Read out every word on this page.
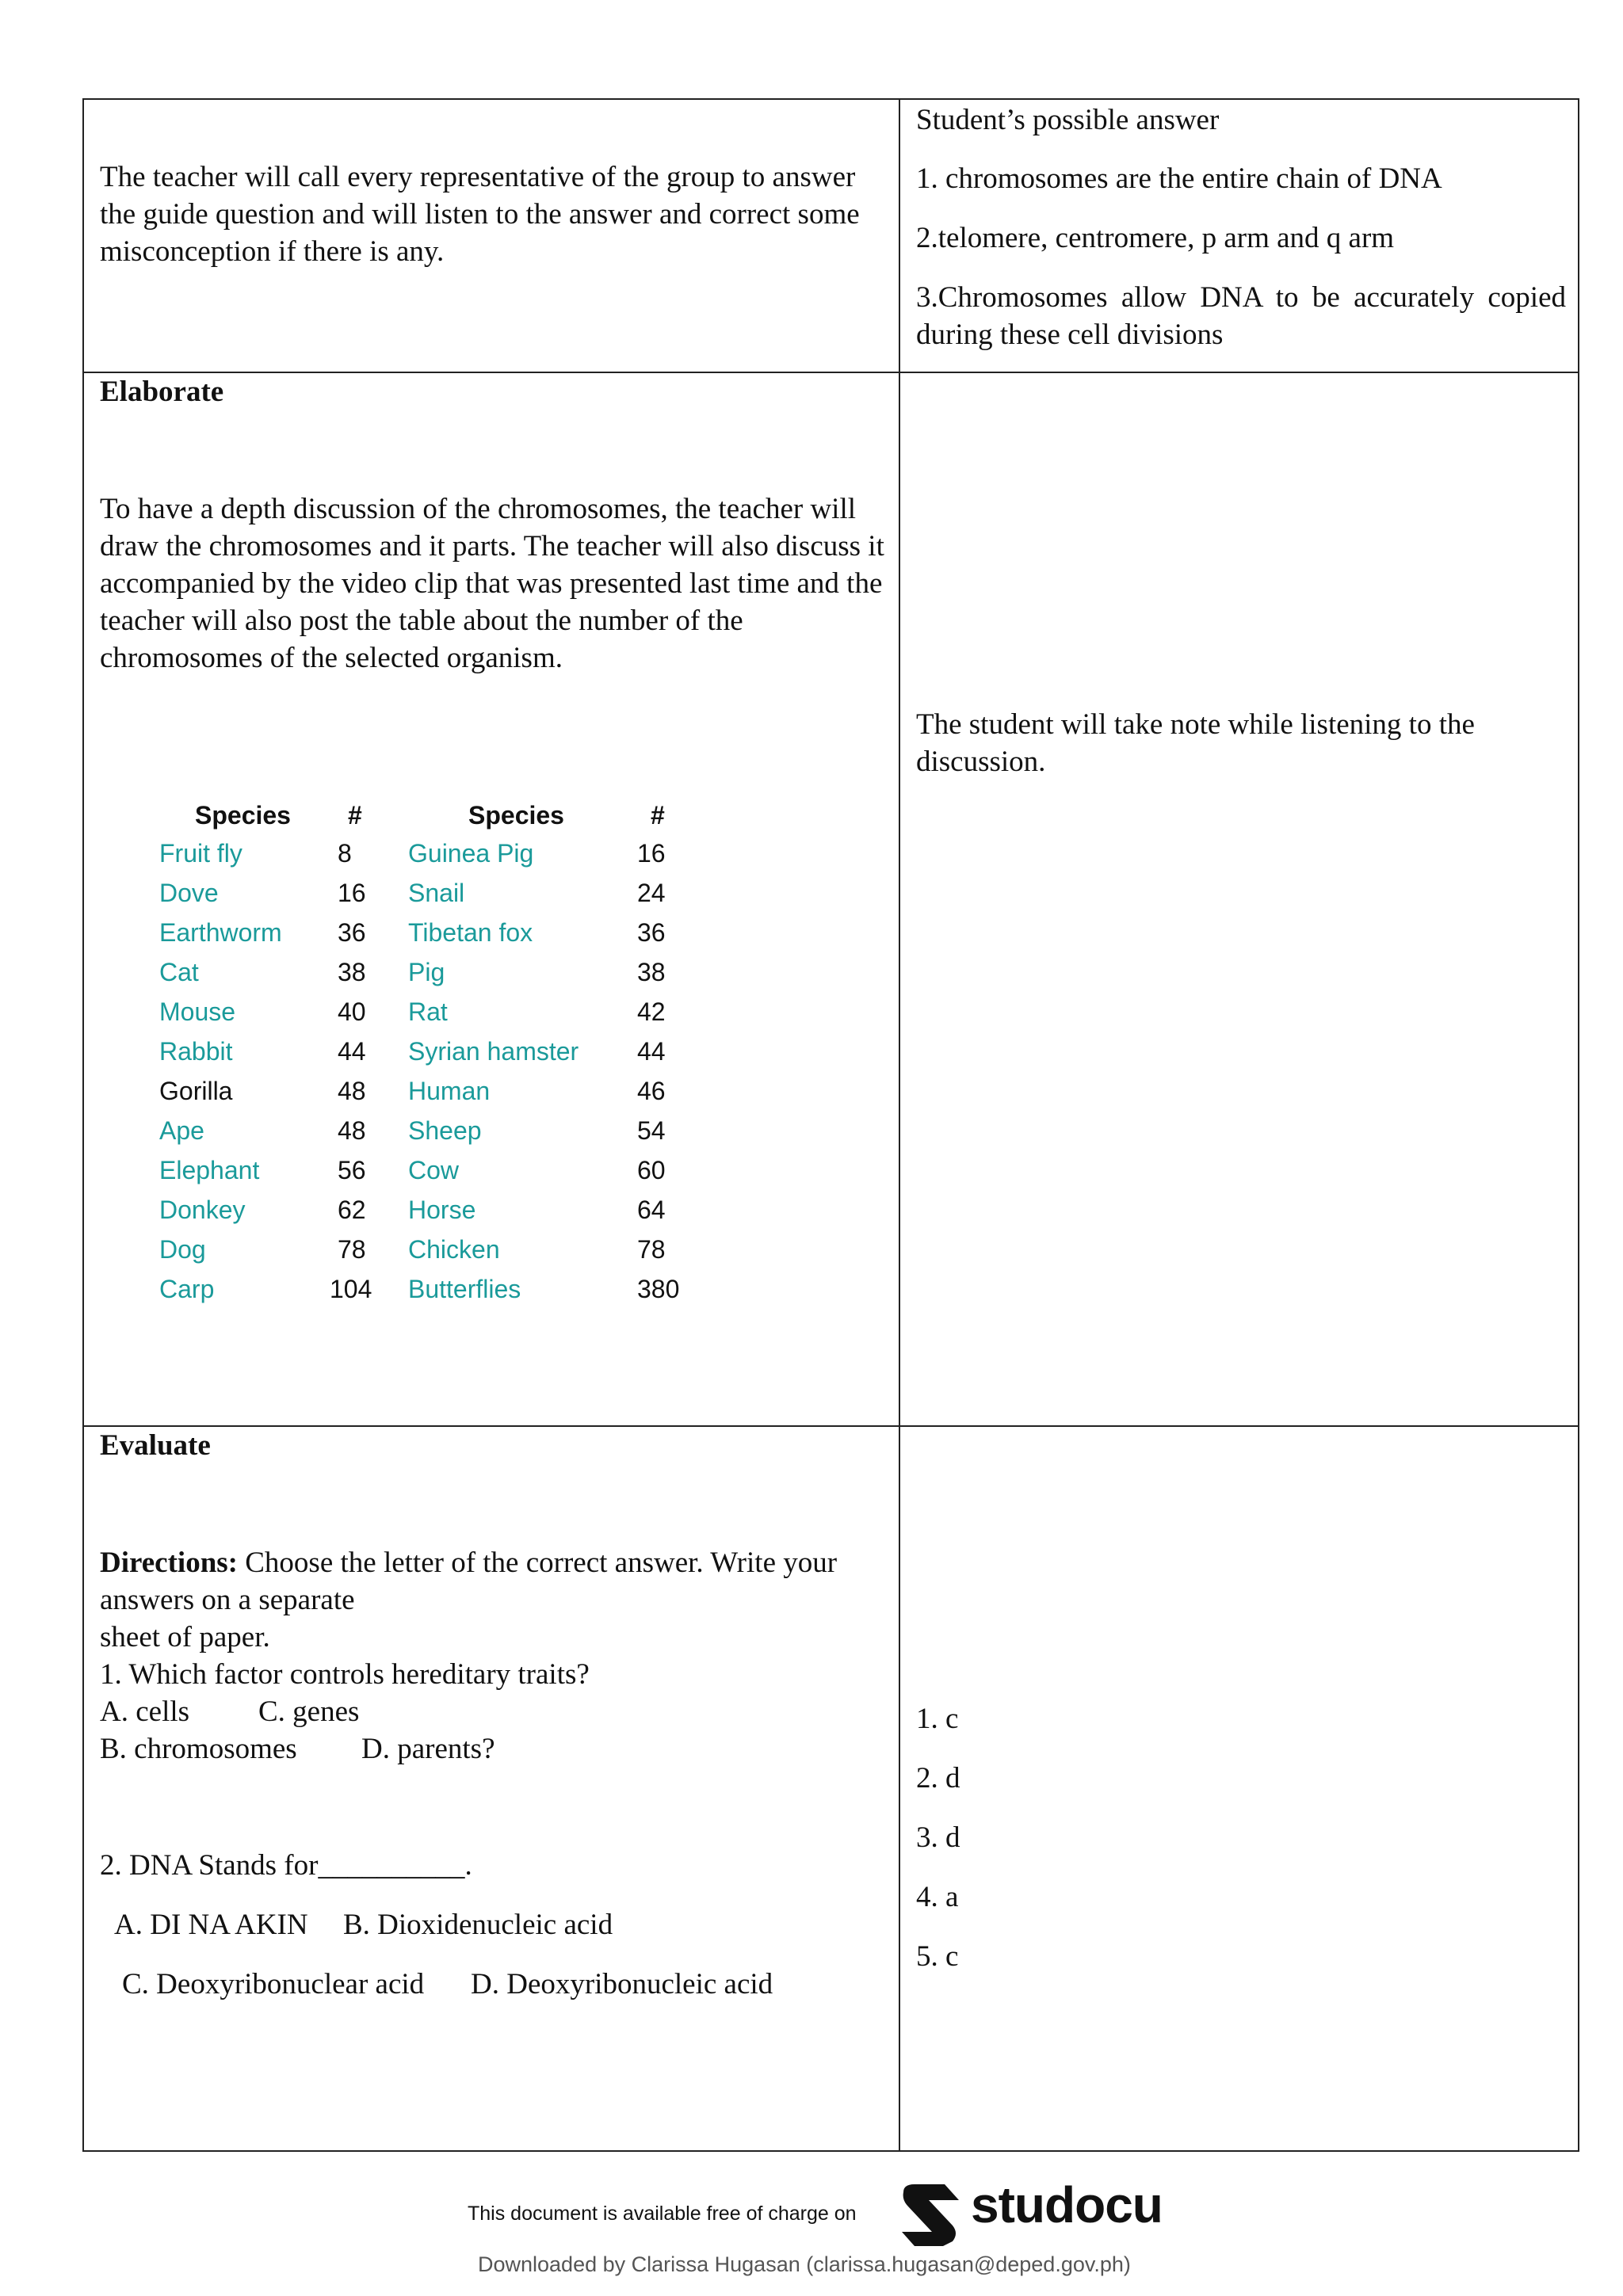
The teacher will call every representative of the group to answer the guide question and will listen to the answer and correct some misconception if there is any.

Student’s possible answer

1. chromosomes are the entire chain of DNA

2.telomere, centromere, p arm and q arm

3.Chromosomes allow DNA to be accurately copied during these cell divisions

Elaborate

To have a depth discussion of the chromosomes, the teacher will draw the chromosomes and it parts. The teacher will also discuss it accompanied by the video clip that was presented last time and the teacher will also post the table about the number of the chromosomes of the selected organism.

Species #	Species	#
Fruit fly	8 Guinea Pig	16
Dove	16 Snail	24
Earthworm 36 Tibetan fox	36
Cat	38 Pig	38
Mouse	40 Rat	42
Rabbit	44 Syrian hamster 44
Gorilla	48 Human	46
Ape	48 Sheep	54
Elephant	56 Cow	60
Donkey	62 Horse	64
Dog	78 Chicken	78
Carp	104 Butterflies	380

The student will take note while listening to the discussion.

Evaluate

Directions: Choose the letter of the correct answer. Write your

answers on a separate

sheet of paper.

1. Which factor controls hereditary traits?

A. cells C. genes

B. chromosomes D. parents?

2. DNA Stands for__________.

A. DI NA AKIN B. Dioxidenucleic acid

C. Deoxyribonuclear acid D. Deoxyribonucleic acid

1. c

2. d

3. d

4. a

5. c

This document is available free of charge on studocu
Downloaded by Clarissa Hugasan (clarissa.hugasan@deped.gov.ph)
